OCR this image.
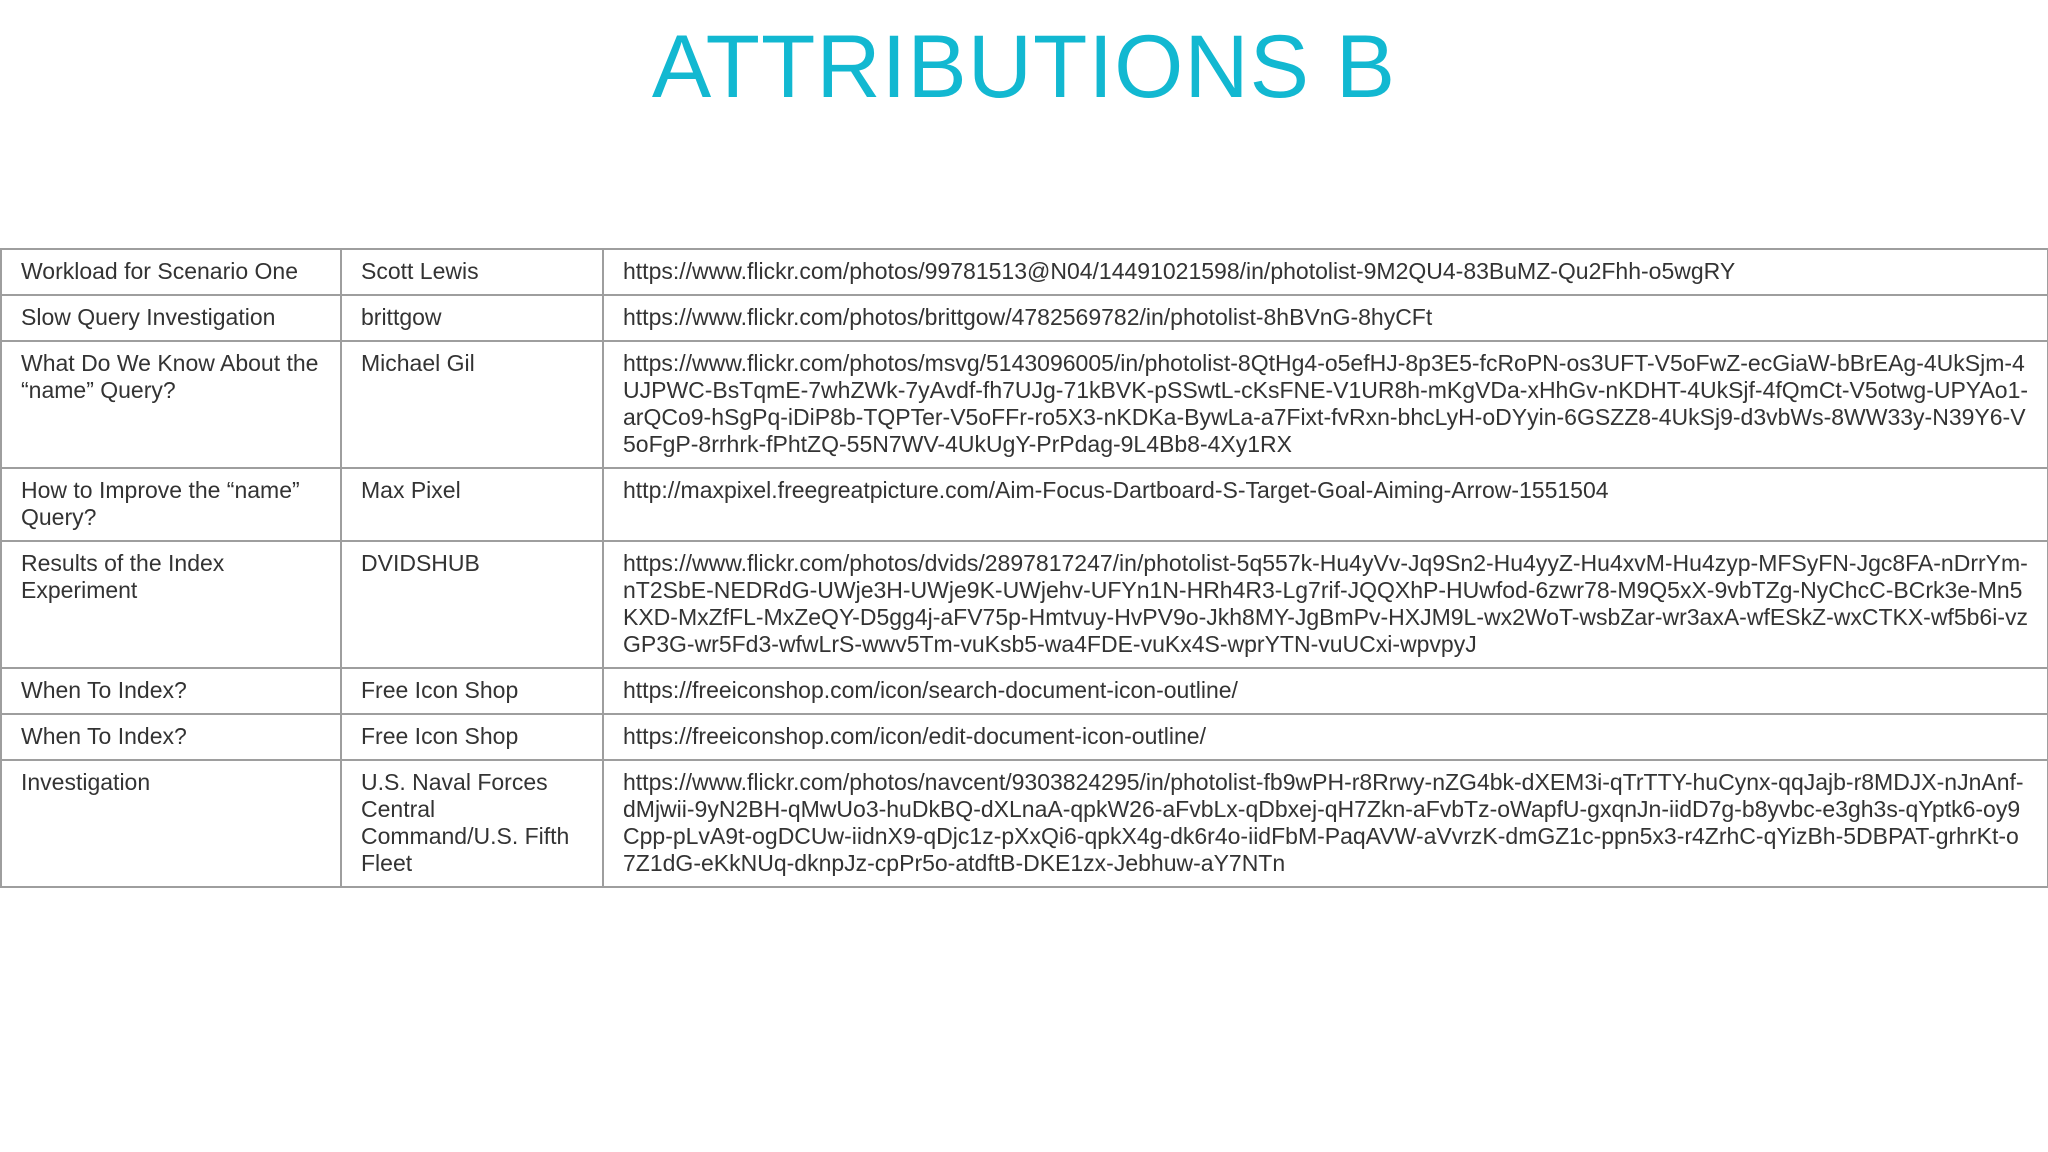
ATTRIBUTIONS B
Workload for Scenario One	Scott Lewis	https://www.flickr.com/photos/99781513@N04/14491021598/in/photolist-9M2QU4-83BuMZ-Qu2Fhh-o5wgRY
Slow Query Investigation	brittgow	https://www.flickr.com/photos/brittgow/4782569782/in/photolist-8hBVnG-8hyCFt
What Do We Know About the “name” Query?	Michael Gil	https://www.flickr.com/photos/msvg/5143096005/in/photolist-8QtHg4-o5efHJ-8p3E5-fcRoPN-os3UFT-V5oFwZ-ecGiaW-bBrEAg-4UkSjm-4UJPWC-BsTqmE-7whZWk-7yAvdf-fh7UJg-71kBVK-pSSwtL-cKsFNE-V1UR8h-mKgVDa-xHhGv-nKDHT-4UkSjf-4fQmCt-V5otwg-UPYAo1-arQCo9-hSgPq-iDiP8b-TQPTer-V5oFFr-ro5X3-nKDKa-BywLa-a7Fixt-fvRxn-bhcLyH-oDYyin-6GSZZ8-4UkSj9-d3vbWs-8WW33y-N39Y6-V5oFgP-8rrhrk-fPhtZQ-55N7WV-4UkUgY-PrPdag-9L4Bb8-4Xy1RX
How to Improve the “name” Query?	Max Pixel	http://maxpixel.freegreatpicture.com/Aim-Focus-Dartboard-S-Target-Goal-Aiming-Arrow-1551504
Results of the Index Experiment	DVIDSHUB	https://www.flickr.com/photos/dvids/2897817247/in/photolist-5q557k-Hu4yVv-Jq9Sn2-Hu4yyZ-Hu4xvM-Hu4zyp-MFSyFN-Jgc8FA-nDrrYm-nT2SbE-NEDRdG-UWje3H-UWje9K-UWjehv-UFYn1N-HRh4R3-Lg7rif-JQQXhP-HUwfod-6zwr78-M9Q5xX-9vbTZg-NyChcC-BCrk3e-Mn5KXD-MxZfFL-MxZeQY-D5gg4j-aFV75p-Hmtvuy-HvPV9o-Jkh8MY-JgBmPv-HXJM9L-wx2WoT-wsbZar-wr3axA-wfESkZ-wxCTKX-wf5b6i-vzGP3G-wr5Fd3-wfwLrS-wwv5Tm-vuKsb5-wa4FDE-vuKx4S-wprYTN-vuUCxi-wpvpyJ
When To Index?	Free Icon Shop	https://freeiconshop.com/icon/search-document-icon-outline/
When To Index?	Free Icon Shop	https://freeiconshop.com/icon/edit-document-icon-outline/
Investigation	U.S. Naval Forces Central Command/U.S. Fifth Fleet	https://www.flickr.com/photos/navcent/9303824295/in/photolist-fb9wPH-r8Rrwy-nZG4bk-dXEM3i-qTrTTY-huCynx-qqJajb-r8MDJX-nJnAnf-dMjwii-9yN2BH-qMwUo3-huDkBQ-dXLnaA-qpkW26-aFvbLx-qDbxej-qH7Zkn-aFvbTz-oWapfU-gxqnJn-iidD7g-b8yvbc-e3gh3s-qYptk6-oy9Cpp-pLvA9t-ogDCUw-iidnX9-qDjc1z-pXxQi6-qpkX4g-dk6r4o-iidFbM-PaqAVW-aVvrzK-dmGZ1c-ppn5x3-r4ZrhC-qYizBh-5DBPAT-grhrKt-o7Z1dG-eKkNUq-dknpJz-cpPr5o-atdftB-DKE1zx-Jebhuw-aY7NTn
